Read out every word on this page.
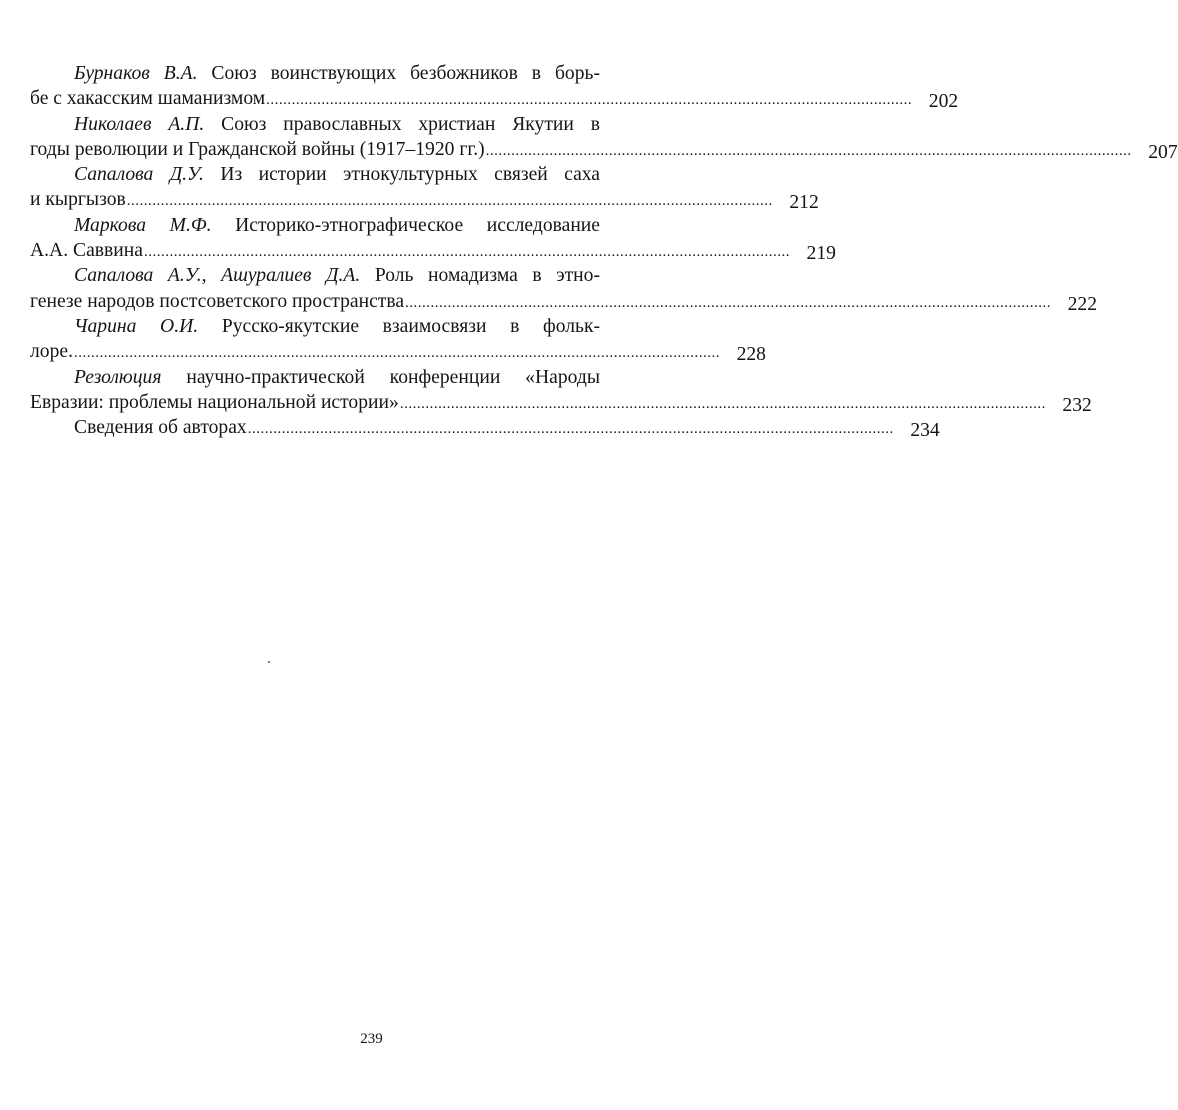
Бурнаков В.А. Союз воинствующих безбожников в борь-
бе с хакасским шаманизмом ........................................................................................................................................................ 202
Николаев А.П. Союз православных христиан Якутии в
годы революции и Гражданской войны (1917–1920 гг.) ........................................................................................................................................................ 207
Сапалова Д.У. Из истории этнокультурных связей саха
и кыргызов ........................................................................................................................................................ 212
Маркова М.Ф. Историко-этнографическое исследование
А.А. Саввина ........................................................................................................................................................ 219
Сапалова А.У., Ашуралиев Д.А. Роль номадизма в этно-
генезе народов постсоветского пространства ........................................................................................................................................................ 222
Чарина О.И. Русско-якутские взаимосвязи в фольк-
лоре. ........................................................................................................................................................ 228
Резолюция научно-практической конференции «Народы
Евразии: проблемы национальной истории» ........................................................................................................................................................ 232
Сведения об авторах ........................................................................................................................................................ 234
239
